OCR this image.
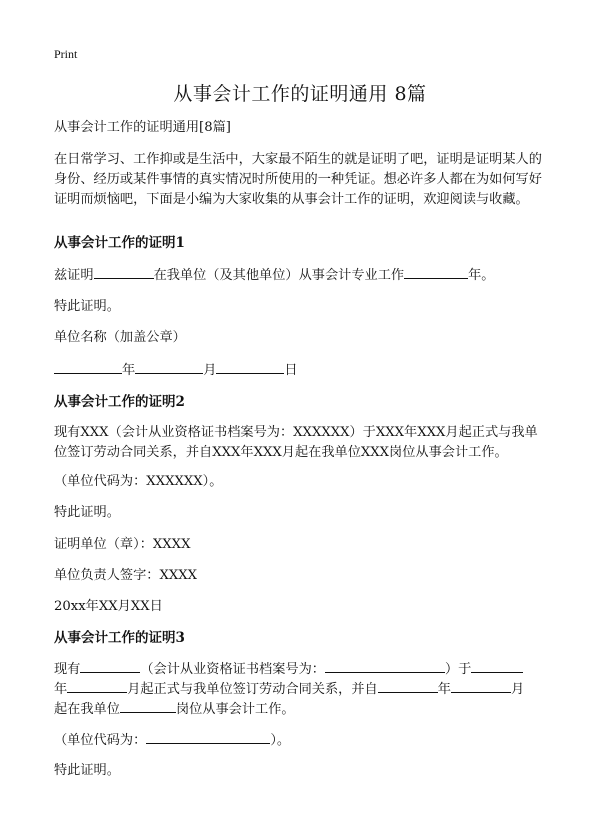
Print
从事会计工作的证明通用 8篇

从事会计工作的证明通用[8篇]

在日常学习、工作抑或是生活中，大家最不陌生的就是证明了吧，证明是证明某人的身份、经历或某件事情的真实情况时所使用的一种凭证。想必许多人都在为如何写好证明而烦恼吧，下面是小编为大家收集的从事会计工作的证明，欢迎阅读与收藏。

从事会计工作的证明1

兹证明	在我单位（及其他单位）从事会计专业工作	年。

特此证明。

单位名称（加盖公章）

年	月	日

从事会计工作的证明2

现有XXX（会计从业资格证书档案号为：XXXXXX）于XXX年XXX月起正式与我单位签订劳动合同关系，并自XXX年XXX月起在我单位XXX岗位从事会计工作。

（单位代码为：XXXXXX）。

特此证明。

证明单位（章）：XXXX

单位负责人签字：XXXX

20xx年XX月XX日

从事会计工作的证明3

现有	（会计从业资格证书档案号为：	）于

年	月起正式与我单位签订劳动合同关系，并自	年	月

起在我单位	岗位从事会计工作。

（单位代码为：	）。

特此证明。
